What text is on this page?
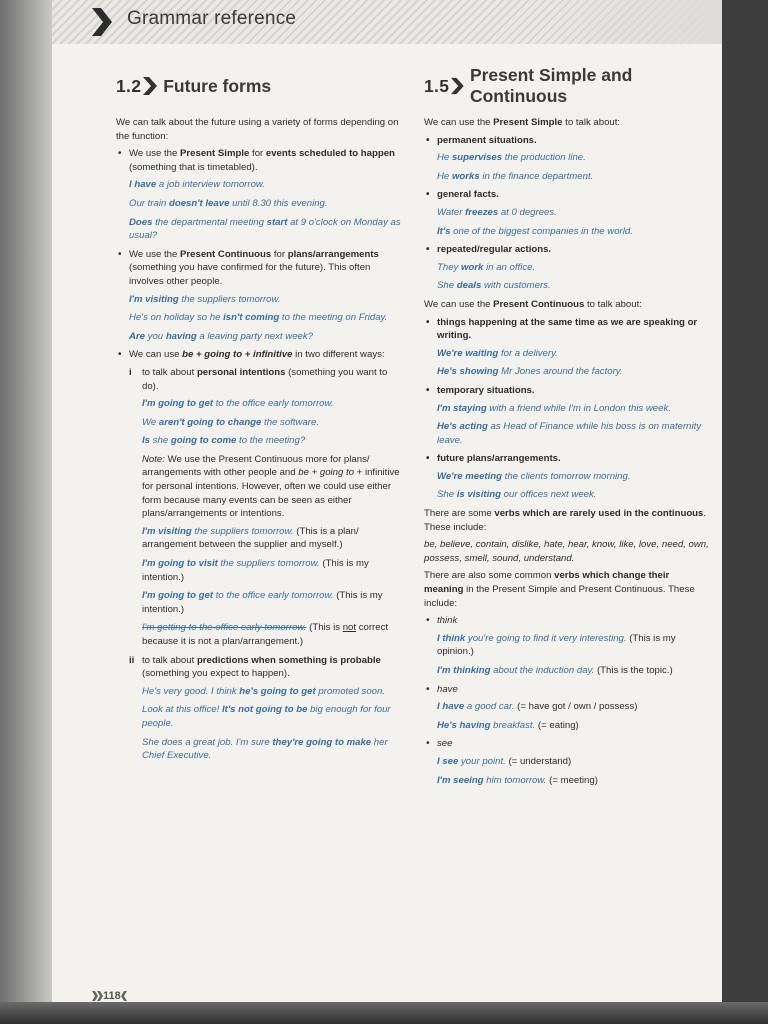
Grammar reference
1.2 Future forms

We can talk about the future using a variety of forms depending on the function:

• We use the Present Simple for events scheduled to happen (something that is timetabled).

I have a job interview tomorrow.

Our train doesn't leave until 8.30 this evening.

Does the departmental meeting start at 9 o'clock on Monday as usual?

• We use the Present Continuous for plans/arrangements (something you have confirmed for the future). This often involves other people.

I'm visiting the suppliers tomorrow.

He's on holiday so he isn't coming to the meeting on Friday.

Are you having a leaving party next week?

• We can use be + going to + infinitive in two different ways:

i to talk about personal intentions (something you want to do).

I'm going to get to the office early tomorrow.

We aren't going to change the software.

Is she going to come to the meeting?

Note: We use the Present Continuous more for plans/ arrangements with other people and be + going to + infinitive for personal intentions. However, often we could use either form because many events can be seen as either plans/arrangements or intentions.

I'm visiting the suppliers tomorrow. (This is a plan/ arrangement between the supplier and myself.)

I'm going to visit the suppliers tomorrow. (This is my intention.)

I'm going to get to the office early tomorrow. (This is my intention.)

I'm getting to the office early tomorrow. (This is not correct because it is not a plan/arrangement.)

ii to talk about predictions when something is probable (something you expect to happen).

He's very good. I think he's going to get promoted soon.

Look at this office! It's not going to be big enough for four people.

She does a great job. I'm sure they're going to make her Chief Executive.

1.5
Present Simple and Continuous

We can use the Present Simple to talk about:

• permanent situations.

He supervises the production line.

He works in the finance department.

• general facts.

Water freezes at 0 degrees.

It's one of the biggest companies in the world.

• repeated/regular actions.

They work in an office.

She deals with customers.

We can use the Present Continuous to talk about:

• things happening at the same time as we are speaking or writing.

We're waiting for a delivery.

He's showing Mr Jones around the factory.

• temporary situations.

I'm staying with a friend while I'm in London this week.

He's acting as Head of Finance while his boss is on maternity leave.

• future plans/arrangements.

We're meeting the clients tomorrow morning.

She is visiting our offices next week.

There are some verbs which are rarely used in the continuous. These include:

be, believe, contain, dislike, hate, hear, know, like, love, need, own, possess, smell, sound, understand.

There are also some common verbs which change their meaning in the Present Simple and Present Continuous. These include:

• think

I think you're going to find it very interesting. (This is my opinion.)

I'm thinking about the induction day. (This is the topic.)

• have

I have a good car. (= have got / own / possess)

He's having breakfast. (= eating)

• see

I see your point. (= understand)

I'm seeing him tomorrow. (= meeting)

118
